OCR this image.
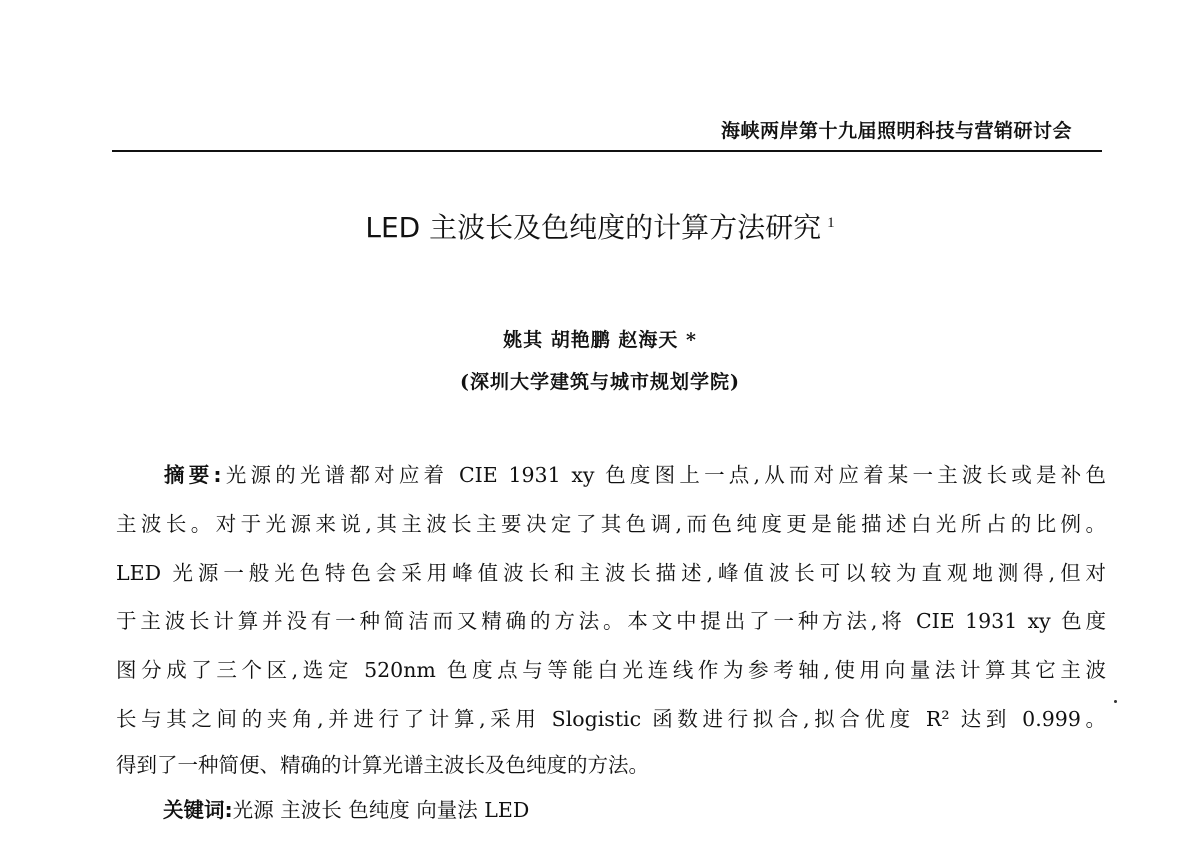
海峡两岸第十九届照明科技与营销研讨会
LED 主波长及色纯度的计算方法研究 $^1$
姚其 胡艳鹏 赵海天 *
(深圳大学建筑与城市规划学院)
摘要:光源的光谱都对应着 CIE 1931 xy 色度图上一点,从而对应着某一主波长或是补色
主波长。对于光源来说,其主波长主要决定了其色调,而色纯度更是能描述白光所占的比例。
LED 光源一般光色特色会采用峰值波长和主波长描述,峰值波长可以较为直观地测得,但对
于主波长计算并没有一种简洁而又精确的方法。本文中提出了一种方法,将 CIE 1931 xy 色度
图分成了三个区,选定 520nm 色度点与等能白光连线作为参考轴,使用向量法计算其它主波
长与其之间的夹角,并进行了计算,采用 Slogistic 函数进行拟合,拟合优度 R² 达到 0.999。
得到了一种简便、精确的计算光谱主波长及色纯度的方法。
关键词:光源 主波长 色纯度 向量法 LED
